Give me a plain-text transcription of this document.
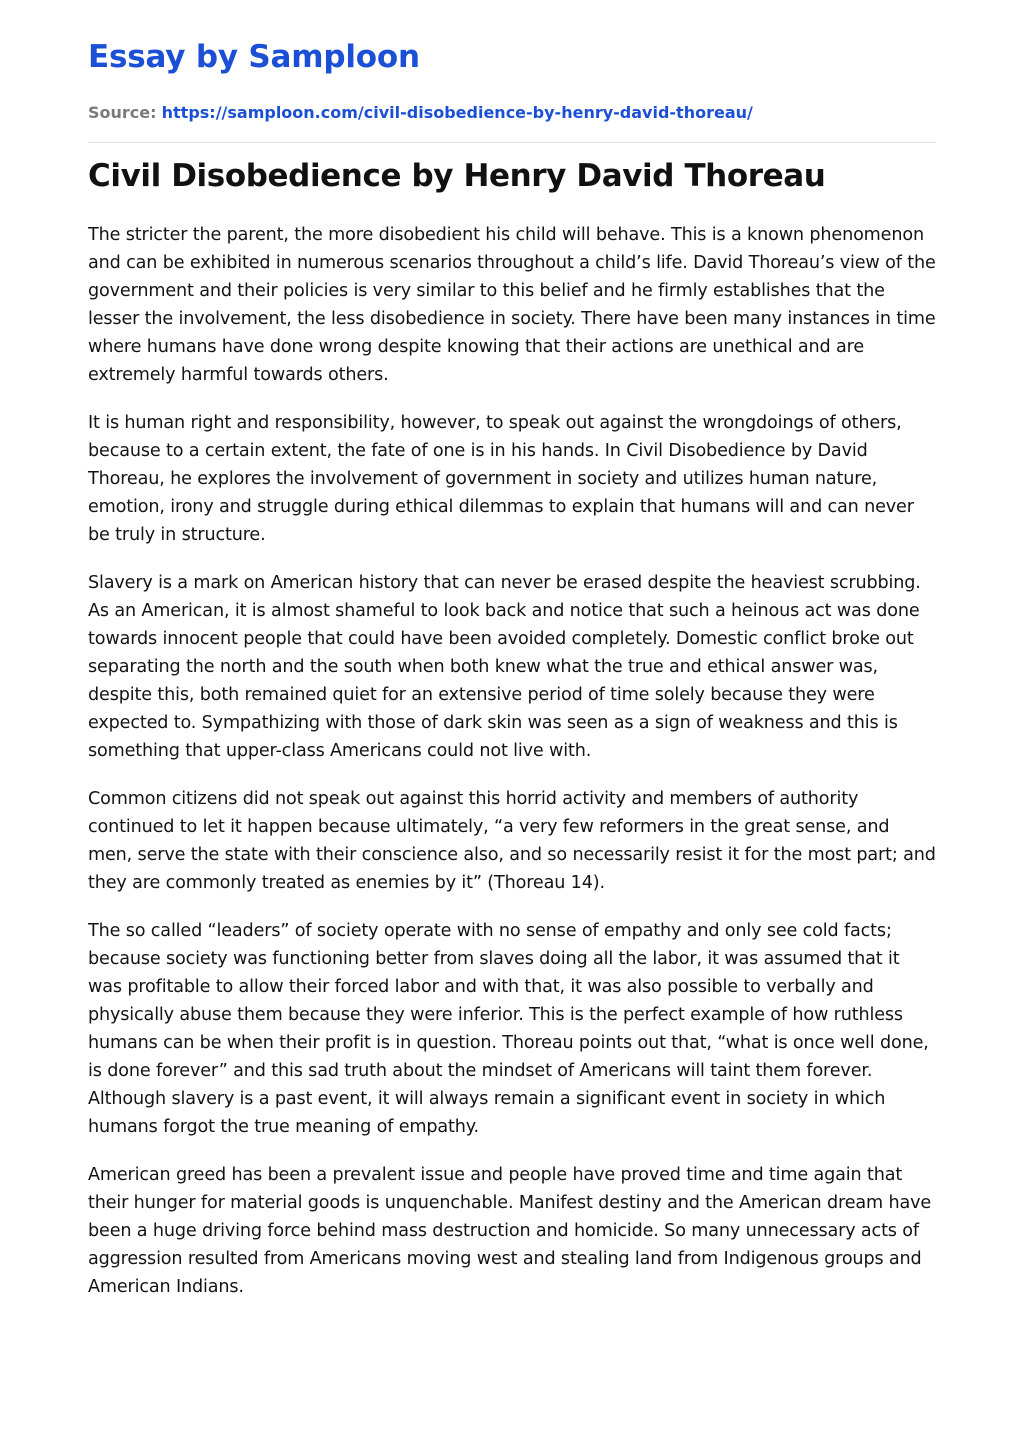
Essay by Samploon
Source: https://samploon.com/civil-disobedience-by-henry-david-thoreau/
Civil Disobedience by Henry David Thoreau

The stricter the parent, the more disobedient his child will behave. This is a known phenomenon and can be exhibited in numerous scenarios throughout a child’s life. David Thoreau’s view of the government and their policies is very similar to this belief and he firmly establishes that the lesser the involvement, the less disobedience in society. There have been many instances in time where humans have done wrong despite knowing that their actions are unethical and are extremely harmful towards others.

It is human right and responsibility, however, to speak out against the wrongdoings of others, because to a certain extent, the fate of one is in his hands. In Civil Disobedience by David Thoreau, he explores the involvement of government in society and utilizes human nature, emotion, irony and struggle during ethical dilemmas to explain that humans will and can never be truly in structure.

Slavery is a mark on American history that can never be erased despite the heaviest scrubbing. As an American, it is almost shameful to look back and notice that such a heinous act was done towards innocent people that could have been avoided completely. Domestic conflict broke out separating the north and the south when both knew what the true and ethical answer was, despite this, both remained quiet for an extensive period of time solely because they were expected to. Sympathizing with those of dark skin was seen as a sign of weakness and this is something that upper-class Americans could not live with.

Common citizens did not speak out against this horrid activity and members of authority continued to let it happen because ultimately, “a very few reformers in the great sense, and men, serve the state with their conscience also, and so necessarily resist it for the most part; and they are commonly treated as enemies by it” (Thoreau 14).

The so called “leaders” of society operate with no sense of empathy and only see cold facts; because society was functioning better from slaves doing all the labor, it was assumed that it was profitable to allow their forced labor and with that, it was also possible to verbally and physically abuse them because they were inferior. This is the perfect example of how ruthless humans can be when their profit is in question. Thoreau points out that, “what is once well done, is done forever” and this sad truth about the mindset of Americans will taint them forever. Although slavery is a past event, it will always remain a significant event in society in which humans forgot the true meaning of empathy.

American greed has been a prevalent issue and people have proved time and time again that their hunger for material goods is unquenchable. Manifest destiny and the American dream have been a huge driving force behind mass destruction and homicide. So many unnecessary acts of aggression resulted from Americans moving west and stealing land from Indigenous groups and American Indians.
